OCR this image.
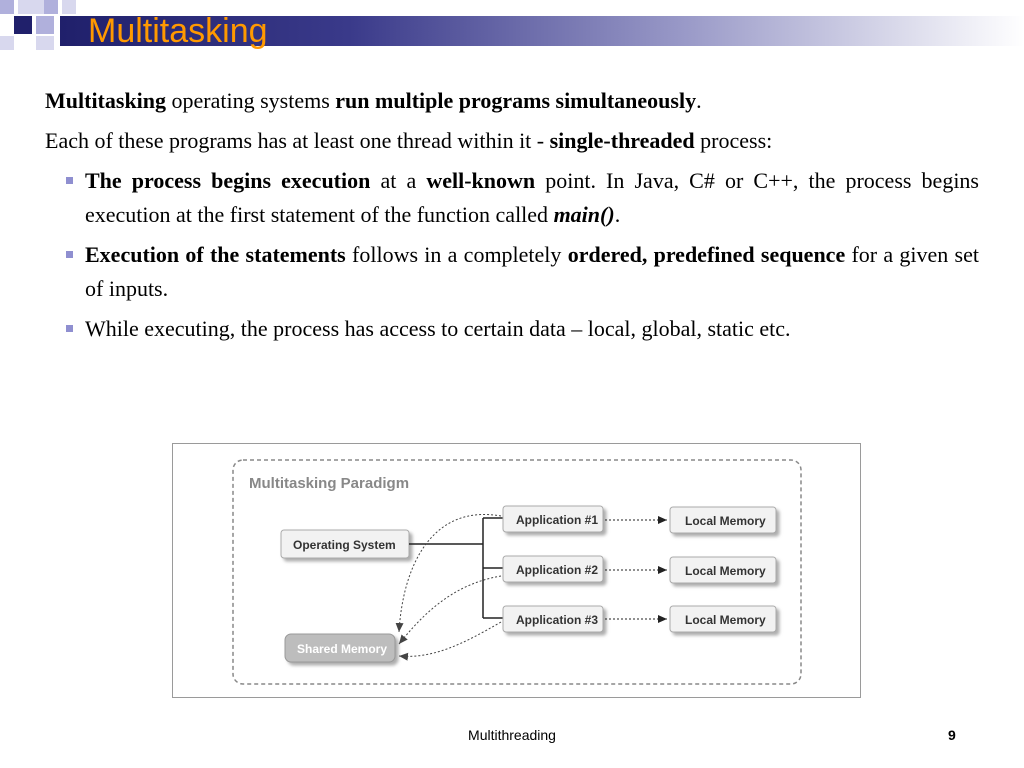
Multitasking

Multitasking operating systems run multiple programs simultaneously.

Each of these programs has at least one thread within it - single-threaded process:

The process begins execution at a well-known point. In Java, C# or C++, the process begins execution at the first statement of the function called main().
Execution of the statements follows in a completely ordered, predefined sequence for a given set of inputs.
While executing, the process has access to certain data – local, global, static etc.
Multitasking Paradigm
Operating System
Application #1
Application #2
Application #3
Local Memory
Local Memory
Local Memory
Shared Memory
Multithreading	9
